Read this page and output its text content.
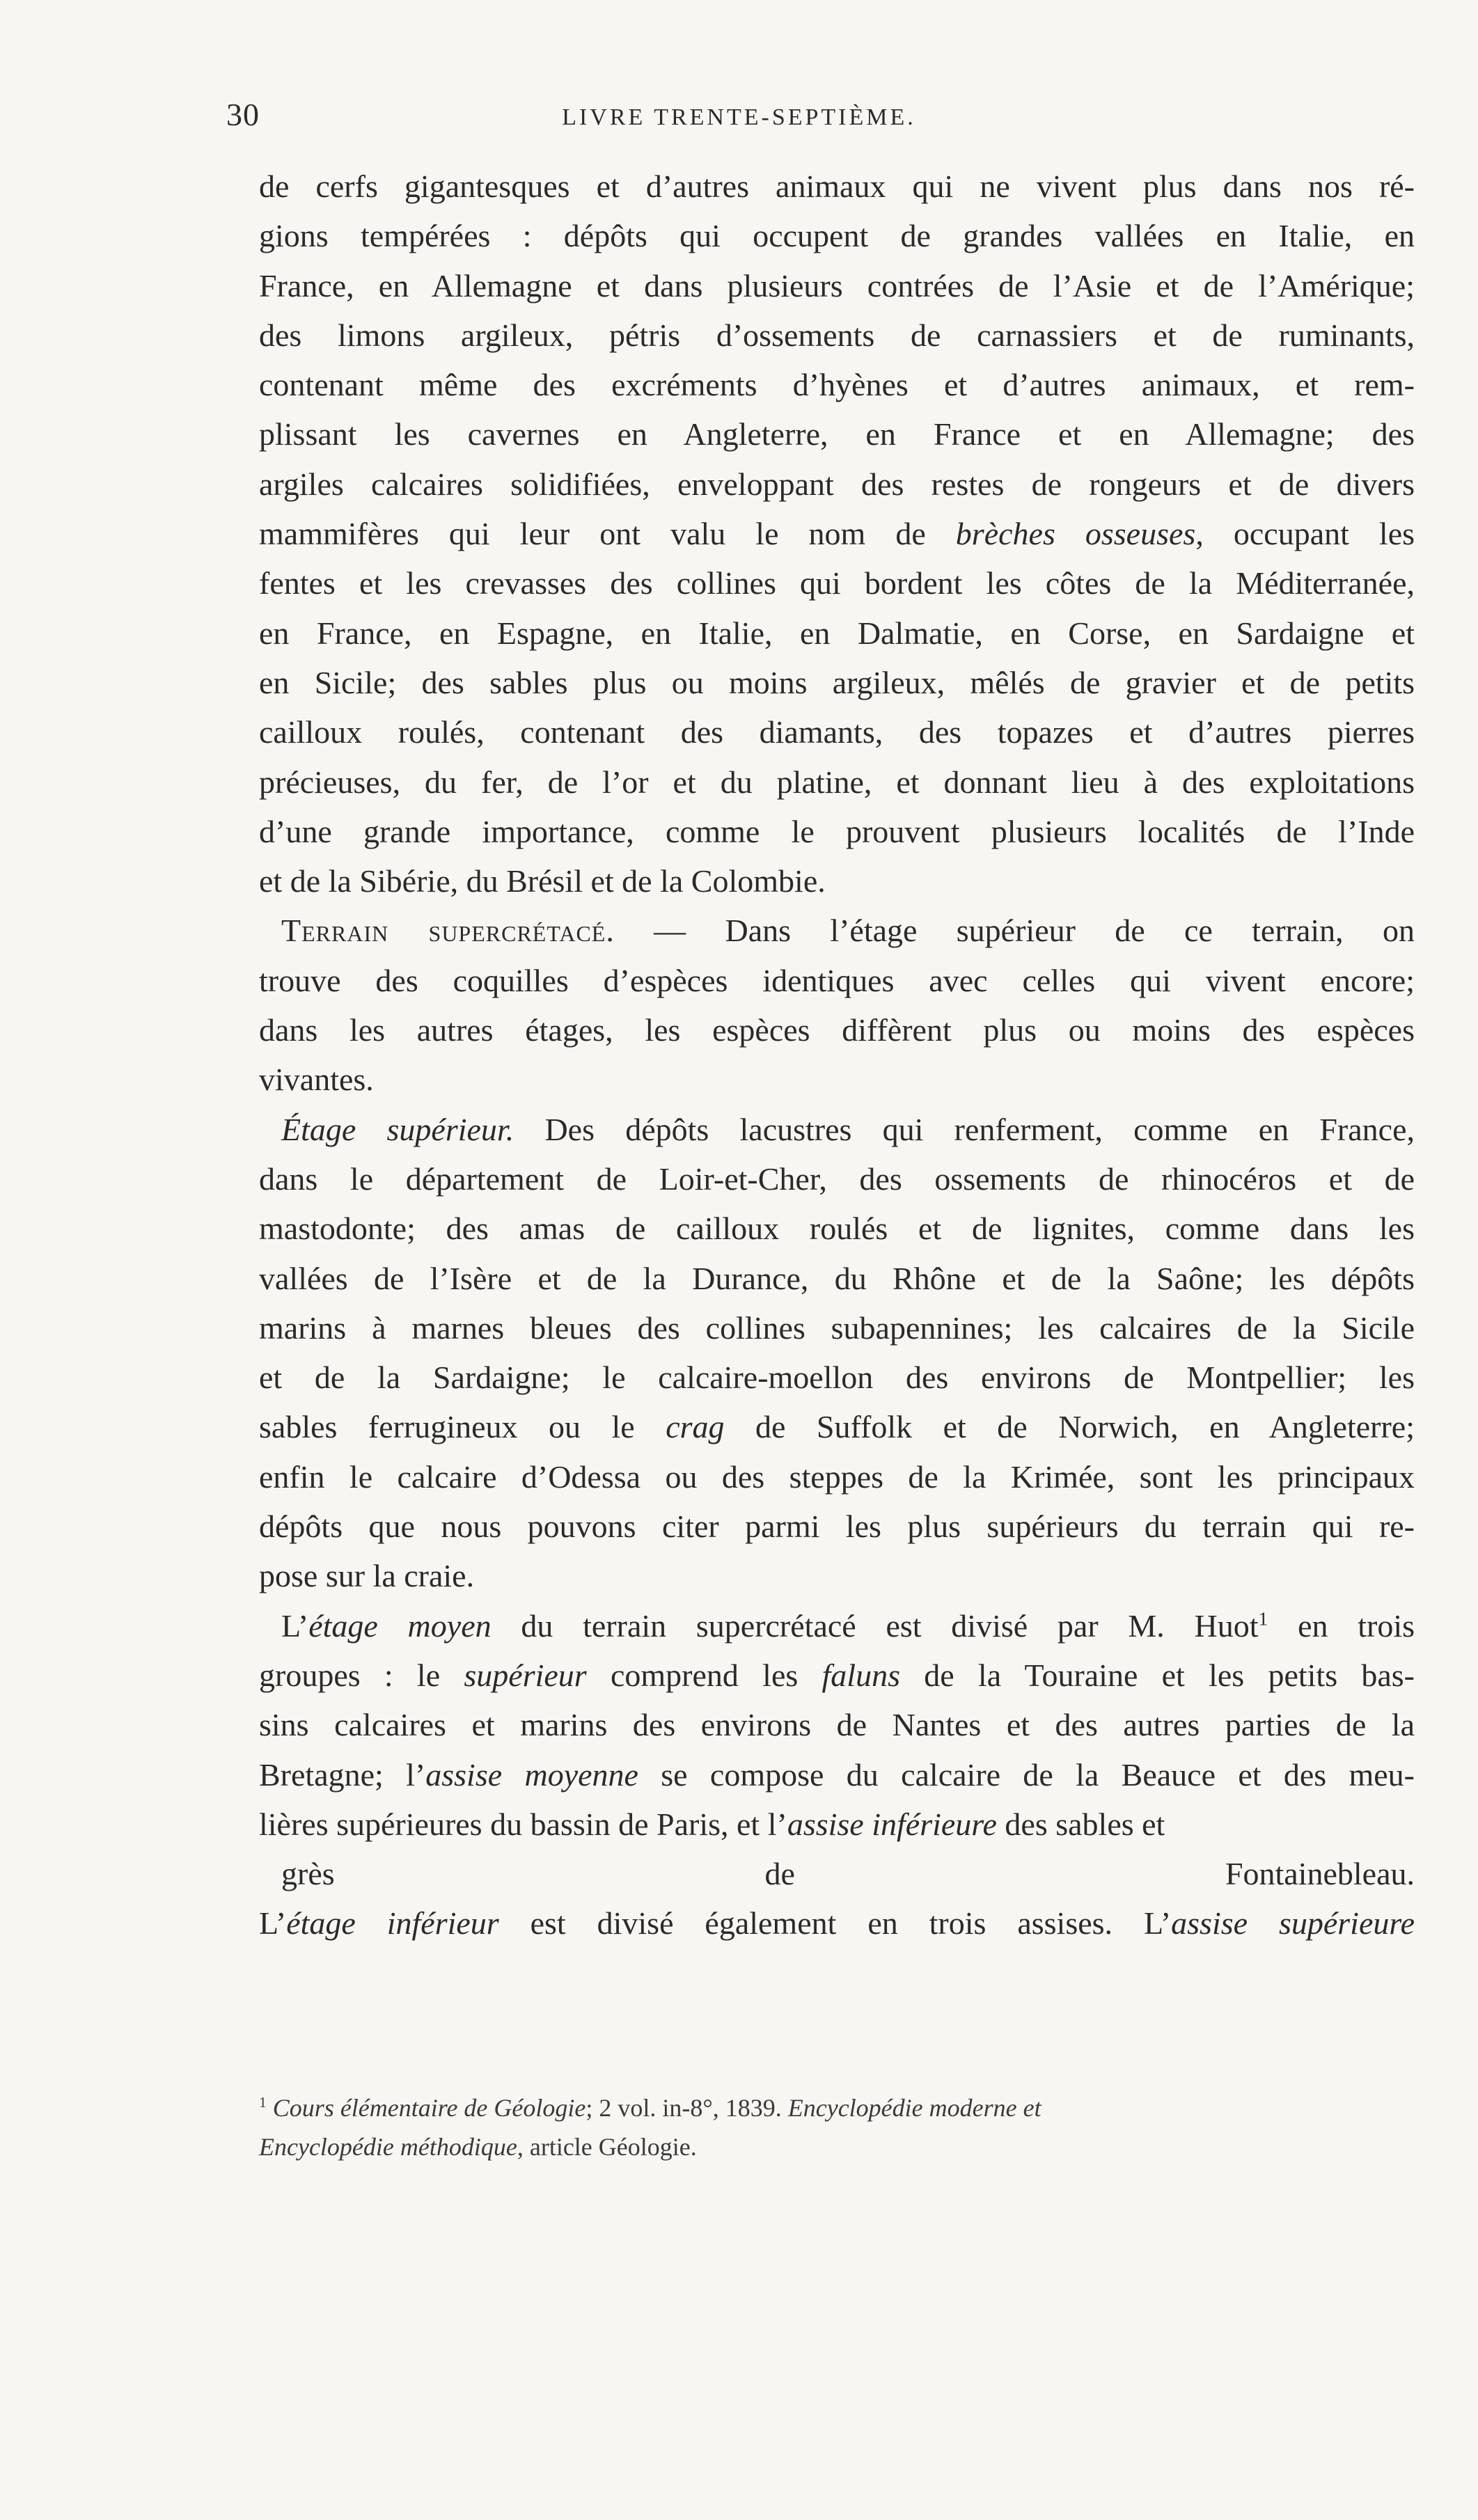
30	LIVRE TRENTE-SEPTIÈME.
de cerfs gigantesques et d’autres animaux qui ne vivent plus dans nos ré-
gions tempérées : dépôts qui occupent de grandes vallées en Italie, en
France, en Allemagne et dans plusieurs contrées de l’Asie et de l’Amérique;
des limons argileux, pétris d’ossements de carnassiers et de ruminants,
contenant même des excréments d’hyènes et d’autres animaux, et rem-
plissant les cavernes en Angleterre, en France et en Allemagne; des
argiles calcaires solidifiées, enveloppant des restes de rongeurs et de divers
mammifères qui leur ont valu le nom de brèches osseuses, occupant les
fentes et les crevasses des collines qui bordent les côtes de la Méditerranée,
en France, en Espagne, en Italie, en Dalmatie, en Corse, en Sardaigne et
en Sicile; des sables plus ou moins argileux, mêlés de gravier et de petits
cailloux roulés, contenant des diamants, des topazes et d’autres pierres
précieuses, du fer, de l’or et du platine, et donnant lieu à des exploitations
d’une grande importance, comme le prouvent plusieurs localités de l’Inde
et de la Sibérie, du Brésil et de la Colombie.
Terrain supercrétacé. — Dans l’étage supérieur de ce terrain, on
trouve des coquilles d’espèces identiques avec celles qui vivent encore;
dans les autres étages, les espèces diffèrent plus ou moins des espèces
vivantes.
Étage supérieur. Des dépôts lacustres qui renferment, comme en France,
dans le département de Loir-et-Cher, des ossements de rhinocéros et de
mastodonte; des amas de cailloux roulés et de lignites, comme dans les
vallées de l’Isère et de la Durance, du Rhône et de la Saône; les dépôts
marins à marnes bleues des collines subapennines; les calcaires de la Sicile
et de la Sardaigne; le calcaire-moellon des environs de Montpellier; les
sables ferrugineux ou le crag de Suffolk et de Norwich, en Angleterre;
enfin le calcaire d’Odessa ou des steppes de la Krimée, sont les principaux
dépôts que nous pouvons citer parmi les plus supérieurs du terrain qui re-
pose sur la craie.
L’étage moyen du terrain supercrétacé est divisé par M. Huot$^1$ en trois
groupes : le supérieur comprend les faluns de la Touraine et les petits bas-
sins calcaires et marins des environs de Nantes et des autres parties de la
Bretagne; l’assise moyenne se compose du calcaire de la Beauce et des meu-
lières supérieures du bassin de Paris, et l’assise inférieure des sables et
grès de Fontainebleau.
L’étage inférieur est divisé également en trois assises. L’assise supérieure
$^1$ Cours élémentaire de Géologie; 2 vol. in-8°, 1839. Encyclopédie moderne et
Encyclopédie méthodique, article Géologie.
